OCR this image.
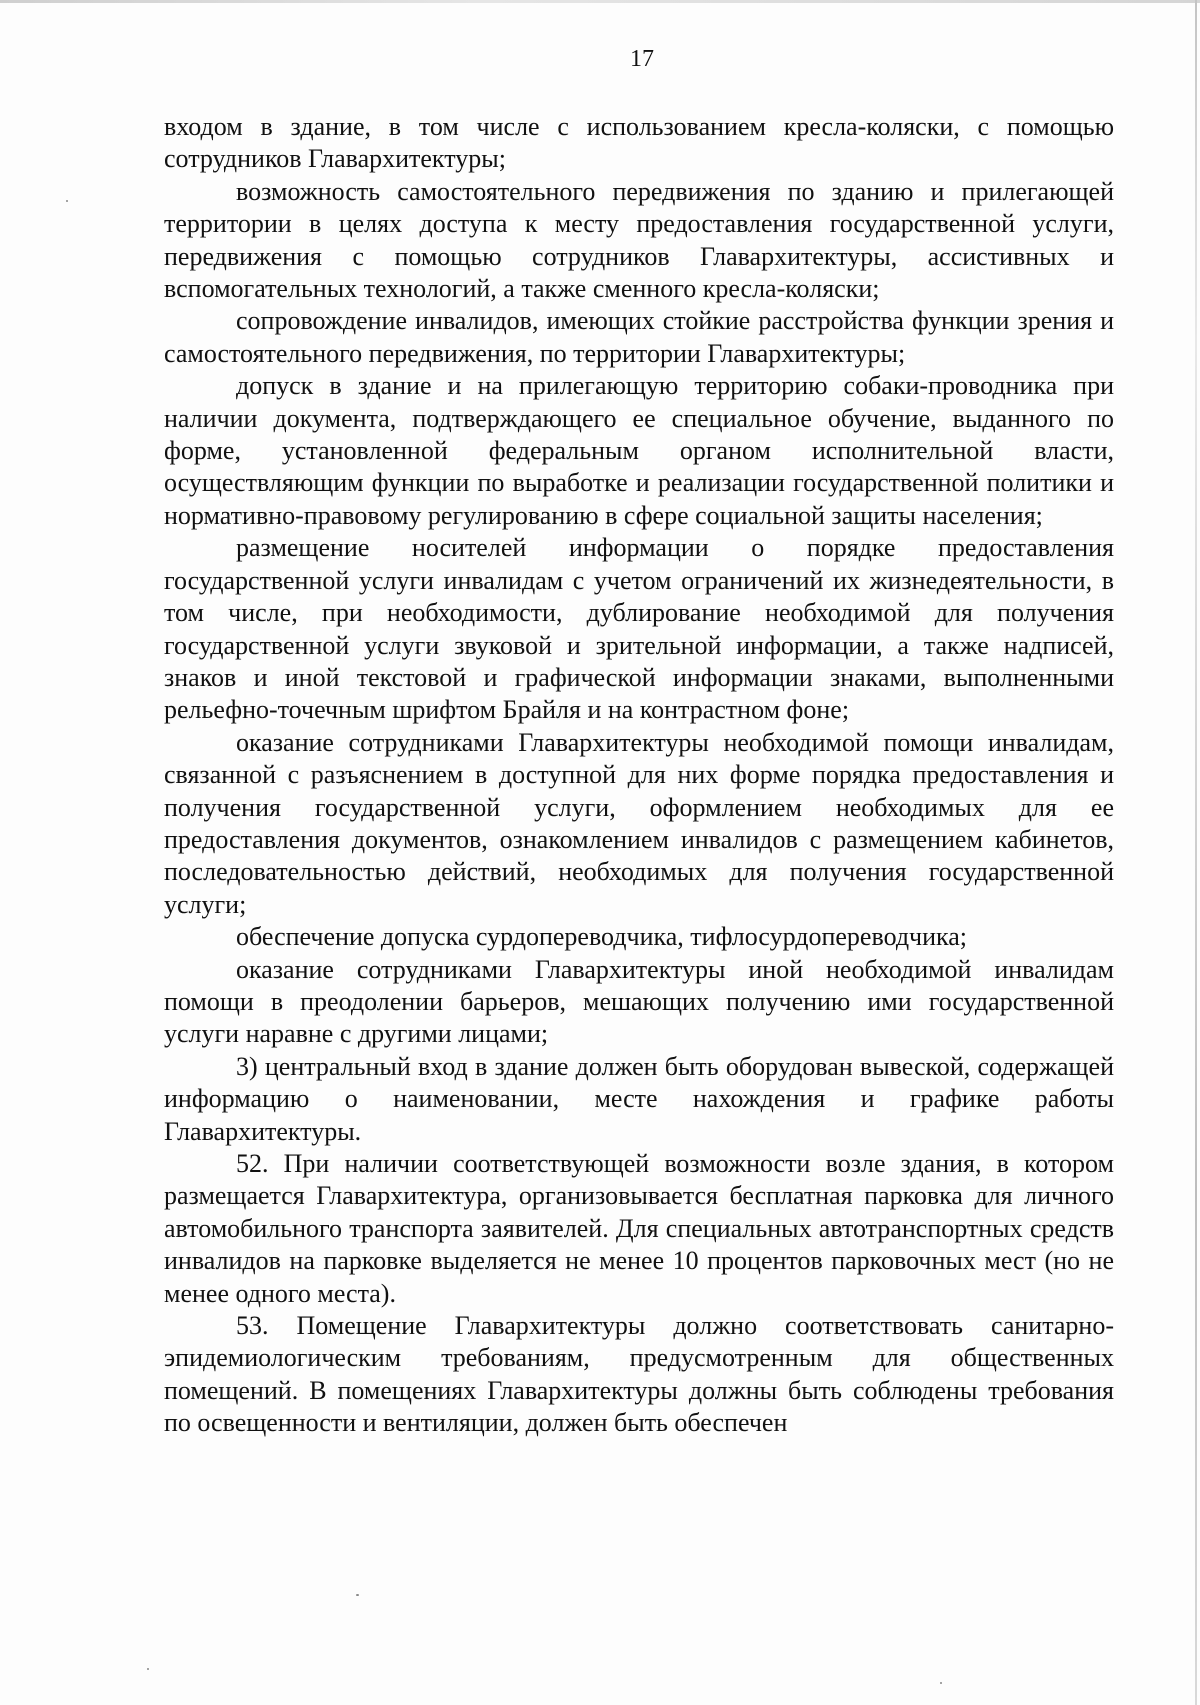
17

входом в здание, в том числе с использованием кресла-коляски, с помощью сотрудников Главархитектуры;

возможность самостоятельного передвижения по зданию и прилегающей территории в целях доступа к месту предоставления государственной услуги, передвижения с помощью сотрудников Главархитектуры, ассистивных и вспомогательных технологий, а также сменного кресла-коляски;

сопровождение инвалидов, имеющих стойкие расстройства функции зрения и самостоятельного передвижения, по территории Главархитектуры;

допуск в здание и на прилегающую территорию собаки-проводника при наличии документа, подтверждающего ее специальное обучение, выданного по форме, установленной федеральным органом исполнительной власти, осуществляющим функции по выработке и реализации государственной политики и нормативно-правовому регулированию в сфере социальной защиты населения;

размещение носителей информации о порядке предоставления государственной услуги инвалидам с учетом ограничений их жизнедеятельности, в том числе, при необходимости, дублирование необходимой для получения государственной услуги звуковой и зрительной информации, а также надписей, знаков и иной текстовой и графической информации знаками, выполненными рельефно-точечным шрифтом Брайля и на контрастном фоне;

оказание сотрудниками Главархитектуры необходимой помощи инвалидам, связанной с разъяснением в доступной для них форме порядка предоставления и получения государственной услуги, оформлением необходимых для ее предоставления документов, ознакомлением инвалидов с размещением кабинетов, последовательностью действий, необходимых для получения государственной услуги;

обеспечение допуска сурдопереводчика, тифлосурдопереводчика;

оказание сотрудниками Главархитектуры иной необходимой инвалидам помощи в преодолении барьеров, мешающих получению ими государственной услуги наравне с другими лицами;

3) центральный вход в здание должен быть оборудован вывеской, содержащей информацию о наименовании, месте нахождения и графике работы Главархитектуры.

52. При наличии соответствующей возможности возле здания, в котором размещается Главархитектура, организовывается бесплатная парковка для личного автомобильного транспорта заявителей. Для специальных автотранспортных средств инвалидов на парковке выделяется не менее 10 процентов парковочных мест (но не менее одного места).

53. Помещение Главархитектуры должно соответствовать санитарно-эпидемиологическим требованиям, предусмотренным для общественных помещений. В помещениях Главархитектуры должны быть соблюдены требования по освещенности и вентиляции, должен быть обеспечен
